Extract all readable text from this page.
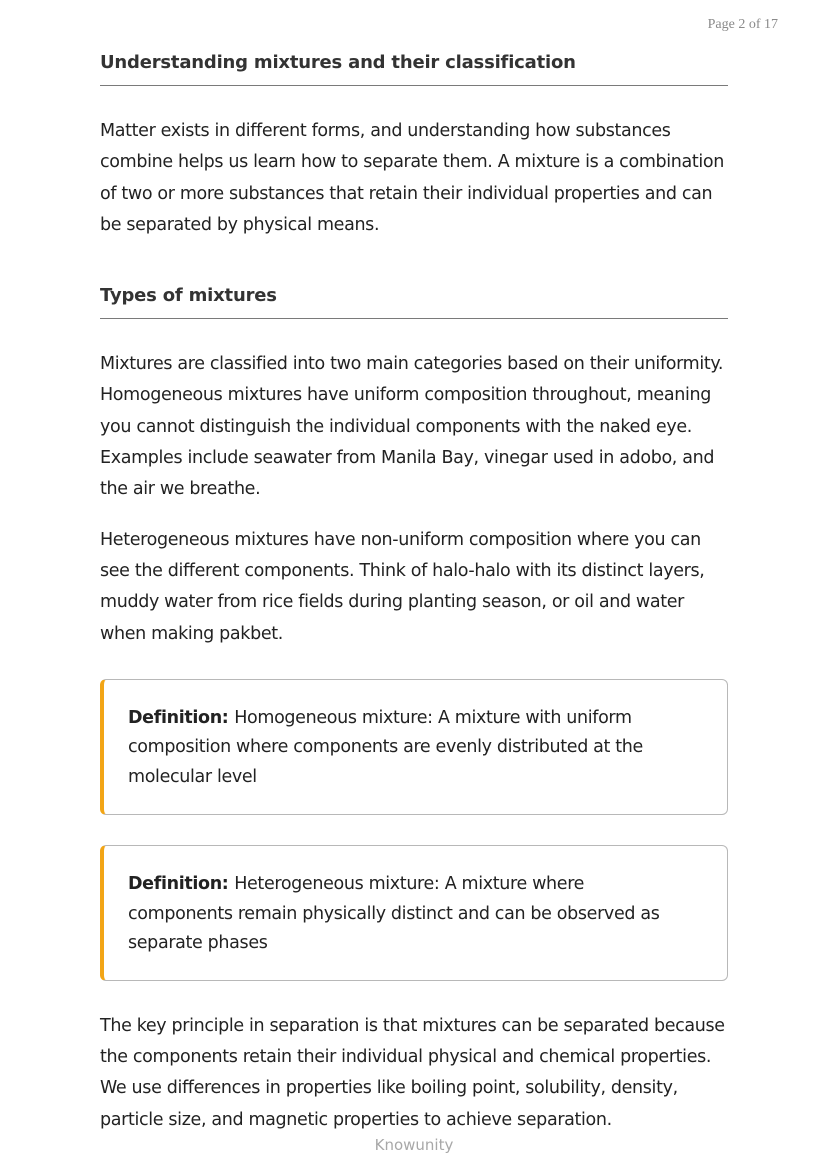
Page 2 of 17
Understanding mixtures and their classification

Matter exists in different forms, and understanding how substances combine helps us learn how to separate them. A mixture is a combination of two or more substances that retain their individual properties and can be separated by physical means.

Types of mixtures

Mixtures are classified into two main categories based on their uniformity. Homogeneous mixtures have uniform composition throughout, meaning you cannot distinguish the individual components with the naked eye. Examples include seawater from Manila Bay, vinegar used in adobo, and the air we breathe.

Heterogeneous mixtures have non-uniform composition where you can see the different components. Think of halo-halo with its distinct layers, muddy water from rice fields during planting season, or oil and water when making pakbet.

Definition: Homogeneous mixture: A mixture with uniform composition where components are evenly distributed at the molecular level
Definition: Heterogeneous mixture: A mixture where components remain physically distinct and can be observed as separate phases

The key principle in separation is that mixtures can be separated because the components retain their individual physical and chemical properties. We use differences in properties like boiling point, solubility, density, particle size, and magnetic properties to achieve separation.

Knowunity
